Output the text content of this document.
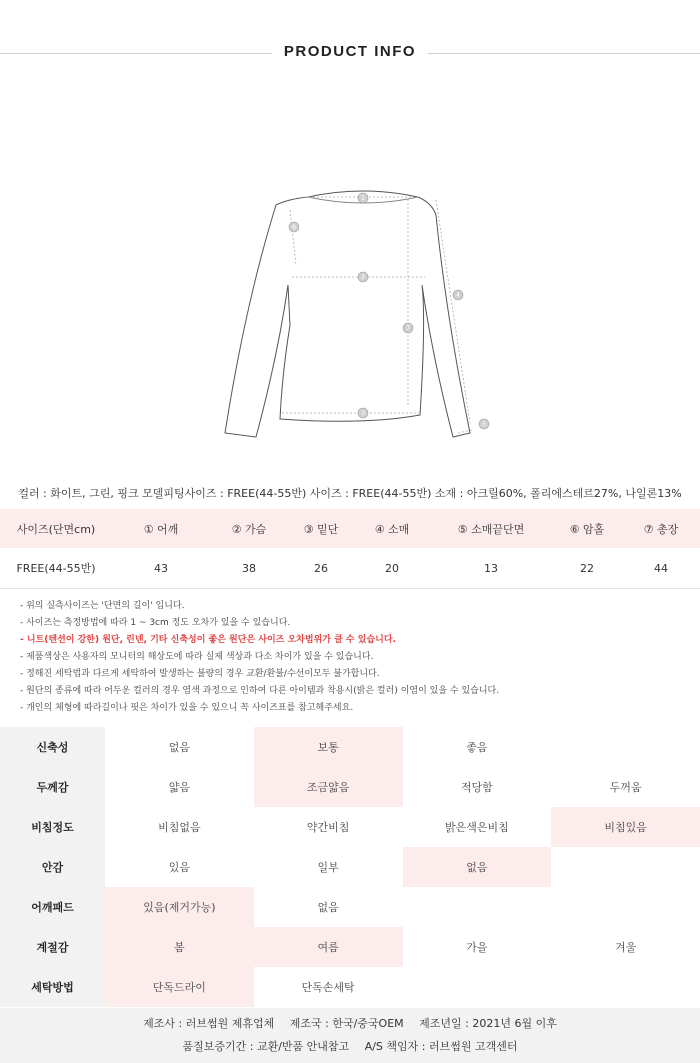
PRODUCT INFO
1
2
3
4
5
6
7
컬러 : 화이트, 그린, 핑크 모델피팅사이즈 : FREE(44-55반) 사이즈 : FREE(44-55반) 소재 : 아크릴60%, 폴리에스테르27%, 나일론13%
사이즈(단면cm)	① 어깨	② 가슴	③ 밑단	④ 소매	⑤ 소매끝단면	⑥ 암홀	⑦ 총장
FREE(44-55반)	43	38	26	20	13	22	44
- 위의 실측사이즈는 '단면의 길이' 입니다.
- 사이즈는 측정방법에 따라 1 ~ 3cm 정도 오차가 있을 수 있습니다.
- 니트(텐션이 강한) 원단, 린넨, 기타 신축성이 좋은 원단은 사이즈 오차범위가 클 수 있습니다.
- 제품색상은 사용자의 모니터의 해상도에 따라 실제 색상과 다소 차이가 있을 수 있습니다.
- 정해진 세탁법과 다르게 세탁하여 발생하는 불량의 경우 교환/환불/수선이모두 불가합니다.
- 원단의 종류에 따라 어두운 컬러의 경우 염색 과정으로 인하여 다른 아이템과 착용시(밝은 컬러) 이염이 있을 수 있습니다.
- 개인의 체형에 따라길이나 핏은 차이가 있을 수 있으니 꼭 사이즈표를 참고해주세요.
신축성	없음	보통	좋음	
두께감	얇음	조금얇음	적당함	두꺼움
비침정도	비침없음	약간비침	밝은색은비침	비침있음
안감	있음	일부	없음	
어깨패드	있음(제거가능)	없음		
계절감	봄	여름	가을	겨울
세탁방법	단독드라이	단독손세탁		
제조사 : 러브썸원 제휴업체 제조국 : 한국/중국OEM 제조년일 : 2021년 6월 이후
품질보증기간 : 교환/반품 안내참고 A/S 책임자 : 러브썸원 고객센터
